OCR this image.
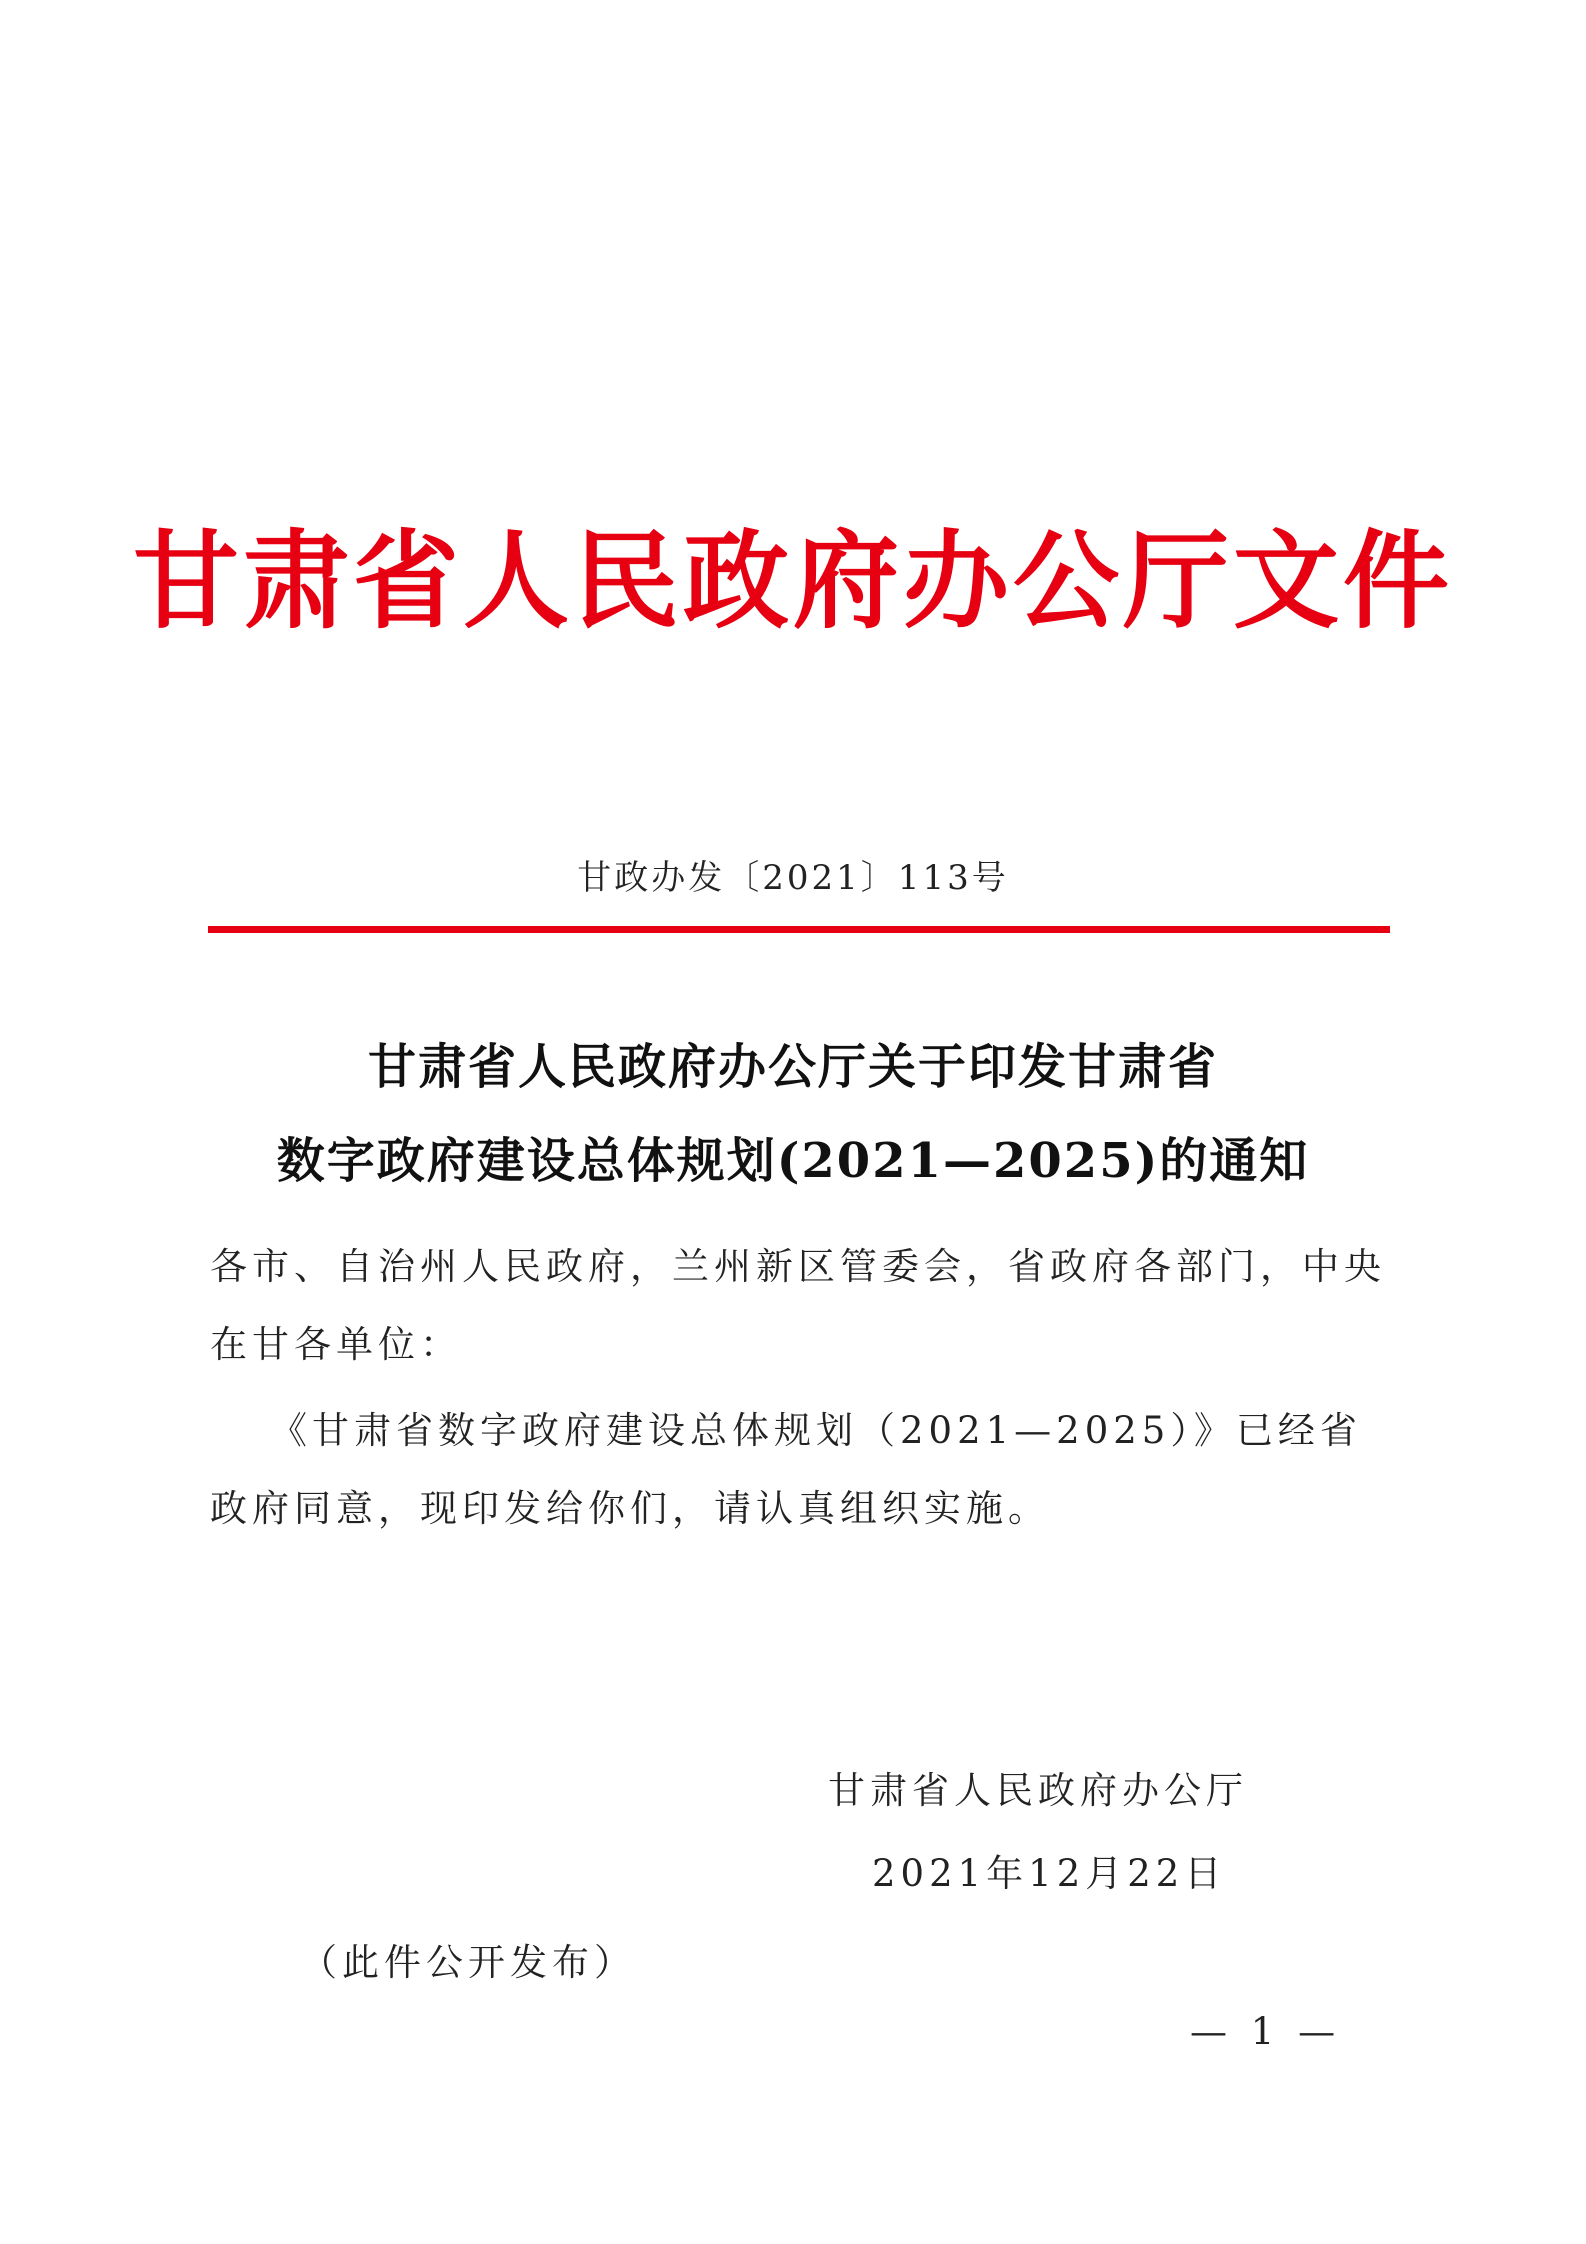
甘肃省人民政府办公厅文件
甘政办发〔2021〕113号
甘肃省人民政府办公厅关于印发甘肃省
数字政府建设总体规划(2021—2025)的通知
各市、自治州人民政府，兰州新区管委会，省政府各部门，中央在甘各单位：
《甘肃省数字政府建设总体规划（2021—2025）》已经省政府同意，现印发给你们，请认真组织实施。
甘肃省人民政府办公厅
2021年12月22日
（此件公开发布）
— 1 —
